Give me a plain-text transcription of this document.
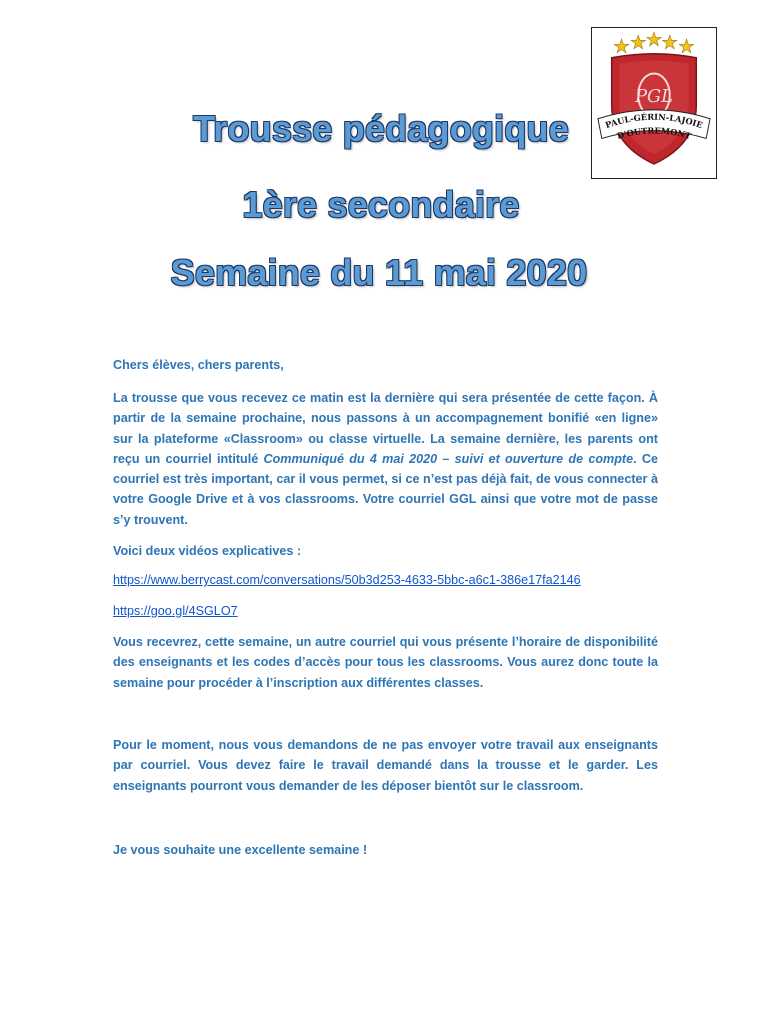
PGL
PAUL-GÉRIN-LAJOIE
D'OUTREMONT
Trousse pédagogique
1ère secondaire
Semaine du 11 mai 2020
Chers élèves, chers parents,
La trousse que vous recevez ce matin est la dernière qui sera présentée de cette façon. À partir de la semaine prochaine, nous passons à un accompagnement bonifié «en ligne» sur la plateforme «Classroom» ou classe virtuelle. La semaine dernière, les parents ont reçu un courriel intitulé Communiqué du 4 mai 2020 – suivi et ouverture de compte. Ce courriel est très important, car il vous permet, si ce n’est pas déjà fait, de vous connecter à votre Google Drive et à vos classrooms. Votre courriel GGL ainsi que votre mot de passe s’y trouvent.
Voici deux vidéos explicatives :
https://www.berrycast.com/conversations/50b3d253-4633-5bbc-a6c1-386e17fa2146
https://goo.gl/4SGLO7
Vous recevrez, cette semaine, un autre courriel qui vous présente l’horaire de disponibilité des enseignants et les codes d’accès pour tous les classrooms. Vous aurez donc toute la semaine pour procéder à l’inscription aux différentes classes.
Pour le moment, nous vous demandons de ne pas envoyer votre travail aux enseignants par courriel. Vous devez faire le travail demandé dans la trousse et le garder. Les enseignants pourront vous demander de les déposer bientôt sur le classroom.
Je vous souhaite une excellente semaine !
